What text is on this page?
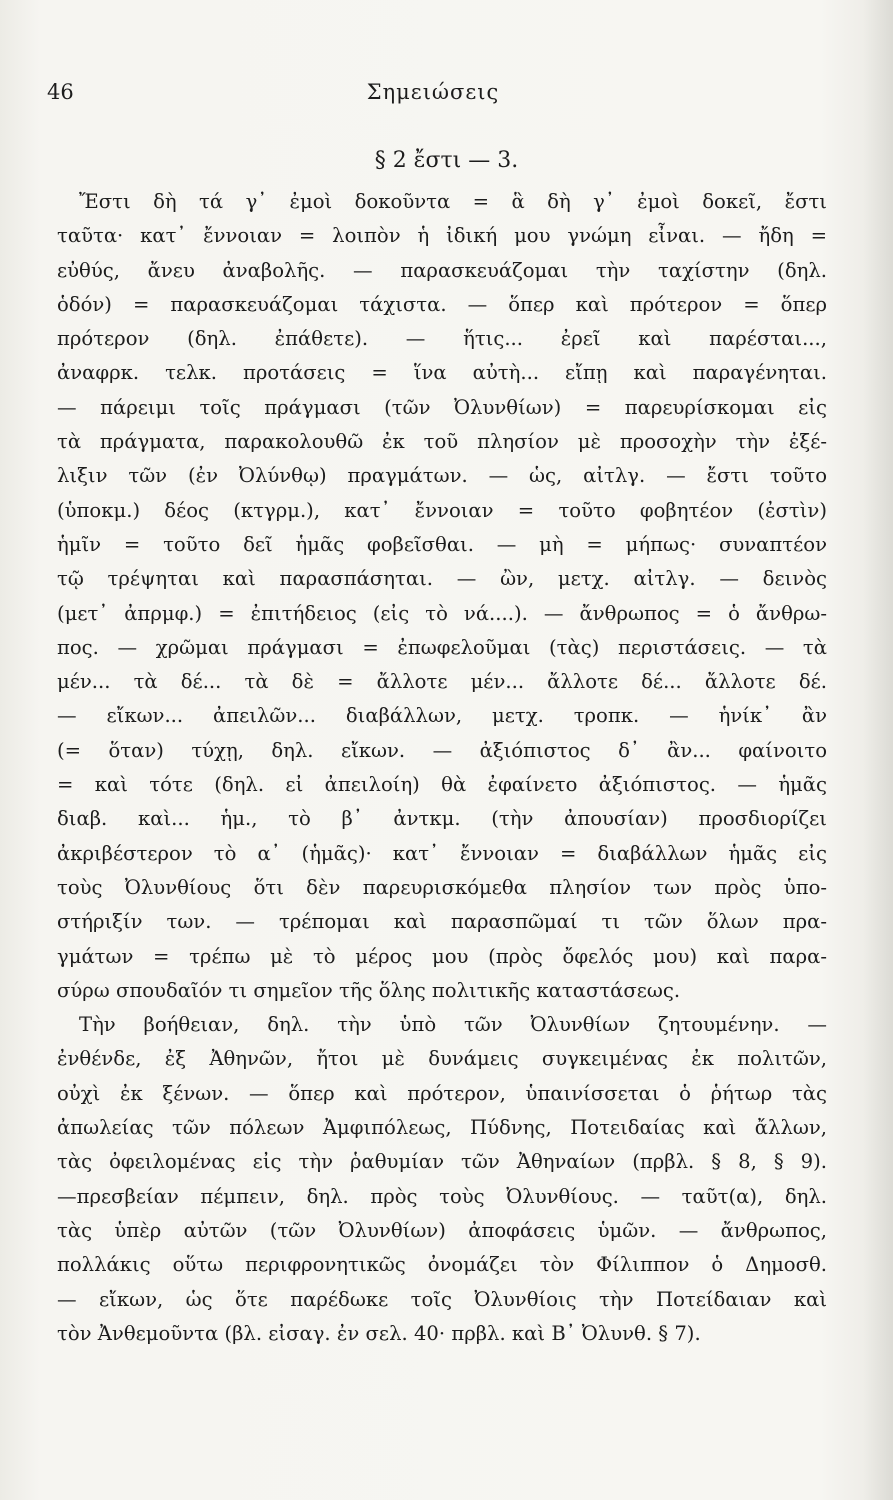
46	Σημειώσεις
§ 2 ἔστι — 3.
Ἔστι δὴ τά γ᾽ ἐμοὶ δοκοῦντα = ἃ δὴ γ᾽ ἐμοὶ δοκεῖ, ἔστι
ταῦτα· κατ᾽ ἔννοιαν = λοιπὸν ἡ ἰδική μου γνώμη εἶναι. — ἤδη =
εὐθύς, ἄνευ ἀναβολῆς. — παρασκευάζομαι τὴν ταχίστην (δηλ.
ὁδόν) = παρασκευάζομαι τάχιστα. — ὅπερ καὶ πρότερον = ὅπερ
πρότερον (δηλ. ἐπάθετε). — ἥτις... ἐρεῖ καὶ παρέσται...,
ἀναφρκ. τελκ. προτάσεις = ἵνα αὐτὴ... εἴπῃ καὶ παραγένηται.
— πάρειμι τοῖς πράγμασι (τῶν Ὀλυνθίων) = παρευρίσκομαι εἰς
τὰ πράγματα, παρακολουθῶ ἐκ τοῦ πλησίον μὲ προσοχὴν τὴν ἐξέ-
λιξιν τῶν (ἐν Ὀλύνθῳ) πραγμάτων. — ὡς, αἰτλγ. — ἔστι τοῦτο
(ὑποκμ.) δέος (κτγρμ.), κατ᾽ ἔννοιαν = τοῦτο φοβητέον (ἐστὶν)
ἡμῖν = τοῦτο δεῖ ἡμᾶς φοβεῖσθαι. — μὴ = μήπως· συναπτέον
τῷ τρέψηται καὶ παρασπάσηται. — ὢν, μετχ. αἰτλγ. — δεινὸς
(μετ᾽ ἀπρμφ.) = ἐπιτήδειος (εἰς τὸ νά....). — ἄνθρωπος = ὁ ἄνθρω-
πος. — χρῶμαι πράγμασι = ἐπωφελοῦμαι (τὰς) περιστάσεις. — τὰ
μέν... τὰ δέ... τὰ δὲ = ἄλλοτε μέν... ἄλλοτε δέ... ἄλλοτε δέ.
— εἴκων... ἀπειλῶν... διαβάλλων, μετχ. τροπκ. — ἡνίκ᾽ ἂν
(= ὅταν) τύχῃ, δηλ. εἴκων. — ἀξιόπιστος δ᾽ ἂν... φαίνοιτο
= καὶ τότε (δηλ. εἰ ἀπειλοίη) θὰ ἐφαίνετο ἀξιόπιστος. — ἡμᾶς
διαβ. καὶ... ἡμ., τὸ β᾽ ἀντκμ. (τὴν ἀπουσίαν) προσδιορίζει
ἀκριβέστερον τὸ α᾽ (ἡμᾶς)· κατ᾽ ἔννοιαν = διαβάλλων ἡμᾶς εἰς
τοὺς Ὀλυνθίους ὅτι δὲν παρευρισκόμεθα πλησίον των πρὸς ὑπο-
στήριξίν των. — τρέπομαι καὶ παρασπῶμαί τι τῶν ὅλων πρα-
γμάτων = τρέπω μὲ τὸ μέρος μου (πρὸς ὄφελός μου) καὶ παρα-
σύρω σπουδαῖόν τι σημεῖον τῆς ὅλης πολιτικῆς καταστάσεως.
Τὴν βοήθειαν, δηλ. τὴν ὑπὸ τῶν Ὀλυνθίων ζητουμένην. —
ἐνθένδε, ἐξ Ἀθηνῶν, ἤτοι μὲ δυνάμεις συγκειμένας ἐκ πολιτῶν,
οὐχὶ ἐκ ξένων. — ὅπερ καὶ πρότερον, ὑπαινίσσεται ὁ ῥήτωρ τὰς
ἀπωλείας τῶν πόλεων Ἀμφιπόλεως, Πύδνης, Ποτειδαίας καὶ ἄλλων,
τὰς ὀφειλομένας εἰς τὴν ῥαθυμίαν τῶν Ἀθηναίων (πρβλ. § 8, § 9).
—πρεσβείαν πέμπειν, δηλ. πρὸς τοὺς Ὀλυνθίους. — ταῦτ(α), δηλ.
τὰς ὑπὲρ αὐτῶν (τῶν Ὀλυνθίων) ἀποφάσεις ὑμῶν. — ἄνθρωπος,
πολλάκις οὕτω περιφρονητικῶς ὀνομάζει τὸν Φίλιππον ὁ Δημοσθ.
— εἴκων, ὡς ὅτε παρέδωκε τοῖς Ὀλυνθίοις τὴν Ποτείδαιαν καὶ
τὸν Ἀνθεμοῦντα (βλ. εἰσαγ. ἐν σελ. 40· πρβλ. καὶ Β᾽ Ὀλυνθ. § 7).
